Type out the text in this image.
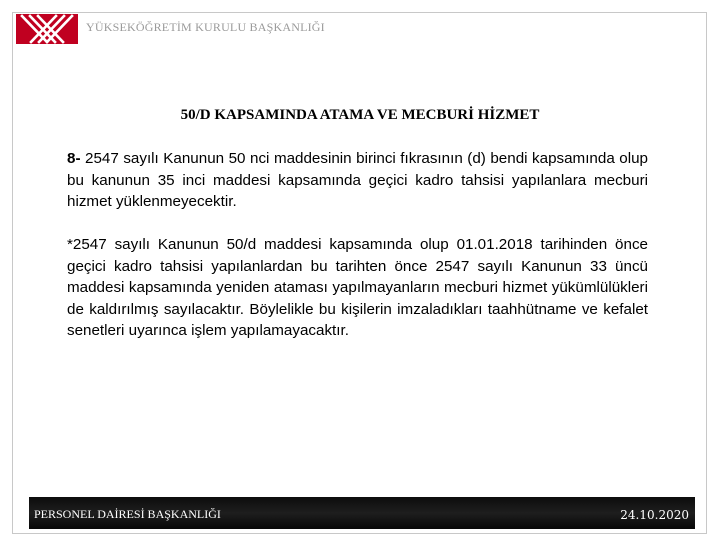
YÜKSEKÖĞRETİM KURULU BAŞKANLIĞI
50/D KAPSAMINDA ATAMA VE MECBURİ HİZMET
8- 2547 sayılı Kanunun 50 nci maddesinin birinci fıkrasının (d) bendi kapsamında olup bu kanunun 35 inci maddesi kapsamında geçici kadro tahsisi yapılanlara mecburi hizmet yüklenmeyecektir.
*2547 sayılı Kanunun 50/d maddesi kapsamında olup 01.01.2018 tarihinden önce geçici kadro tahsisi yapılanlardan bu tarihten önce 2547 sayılı Kanunun 33 üncü maddesi kapsamında yeniden ataması yapılmayanların mecburi hizmet yükümlülükleri de kaldırılmış sayılacaktır. Böylelikle bu kişilerin imzaladıkları taahhütname ve kefalet senetleri uyarınca işlem yapılamayacaktır.
PERSONEL DAİRESİ BAŞKANLIĞI	24.10.2020
